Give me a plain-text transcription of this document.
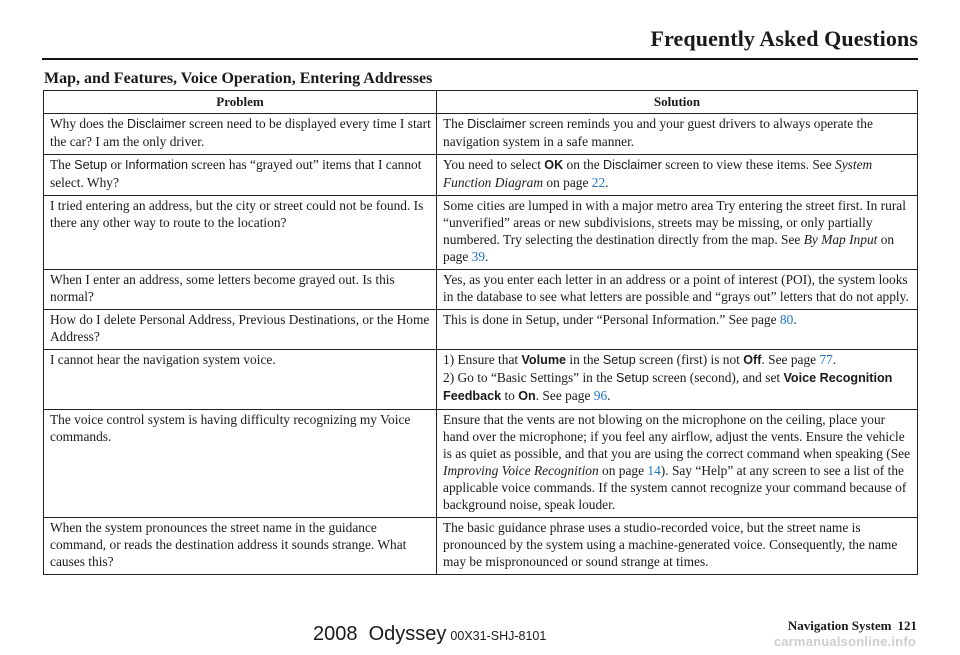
Frequently Asked Questions
Map, and Features, Voice Operation, Entering Addresses
Problem	Solution
Why does the Disclaimer screen need to be displayed every time I start the car? I am the only driver.	The Disclaimer screen reminds you and your guest drivers to always operate the navigation system in a safe manner.
The Setup or Information screen has “grayed out” items that I cannot select. Why?	You need to select OK on the Disclaimer screen to view these items. See System Function Diagram on page 22.
I tried entering an address, but the city or street could not be found. Is there any other way to route to the location?	Some cities are lumped in with a major metro area Try entering the street first. In rural “unverified” areas or new subdivisions, streets may be missing, or only partially numbered. Try selecting the destination directly from the map. See By Map Input on page 39.
When I enter an address, some letters become grayed out. Is this normal?	Yes, as you enter each letter in an address or a point of interest (POI), the system looks in the database to see what letters are possible and “grays out” letters that do not apply.
How do I delete Personal Address, Previous Destinations, or the Home Address?	This is done in Setup, under “Personal Information.” See page 80.
I cannot hear the navigation system voice.	1) Ensure that Volume in the Setup screen (first) is not Off. See page 77.
2) Go to “Basic Settings” in the Setup screen (second), and set Voice Recognition Feedback to On. See page 96.
The voice control system is having difficulty recognizing my Voice commands.	Ensure that the vents are not blowing on the microphone on the ceiling, place your hand over the microphone; if you feel any airflow, adjust the vents. Ensure the vehicle is as quiet as possible, and that you are using the correct command when speaking (See Improving Voice Recognition on page 14). Say “Help” at any screen to see a list of the applicable voice commands. If the system cannot recognize your command because of background noise, speak louder.
When the system pronounces the street name in the guidance command, or reads the destination address it sounds strange. What causes this?	The basic guidance phrase uses a studio-recorded voice, but the street name is pronounced by the system using a machine-generated voice. Consequently, the name may be mispronounced or sound strange at times.
Navigation System 121
2008  Odyssey 00X31-SHJ-8101	carmanualsonline.info
